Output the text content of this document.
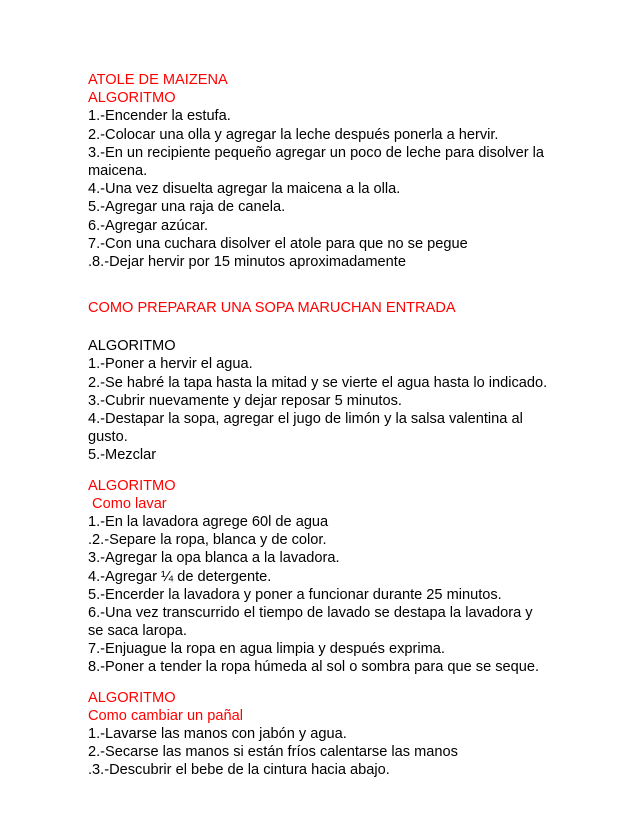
ATOLE DE MAIZENA
ALGORITMO
1.-Encender la estufa.
2.-Colocar una olla y agregar la leche después ponerla a hervir.
3.-En un recipiente pequeño agregar un poco de leche para disolver la
maicena.
4.-Una vez disuelta agregar la maicena a la olla.
5.-Agregar una raja de canela.
6.-Agregar azúcar.
7.-Con una cuchara disolver el atole para que no se pegue
.8.-Dejar hervir por 15 minutos aproximadamente
COMO PREPARAR UNA SOPA MARUCHAN ENTRADA
ALGORITMO
1.-Poner a hervir el agua.
2.-Se habré la tapa hasta la mitad y se vierte el agua hasta lo indicado.
3.-Cubrir nuevamente y dejar reposar 5 minutos.
4.-Destapar la sopa, agregar el jugo de limón y la salsa valentina al
gusto.
5.-Mezclar
ALGORITMO
Como lavar
1.-En la lavadora agrege 60l de agua
.2.-Separe la ropa, blanca y de color.
3.-Agregar la opa blanca a la lavadora.
4.-Agregar ¼ de detergente.
5.-Encerder la lavadora y poner a funcionar durante 25 minutos.
6.-Una vez transcurrido el tiempo de lavado se destapa la lavadora y
se saca laropa.
7.-Enjuague la ropa en agua limpia y después exprima.
8.-Poner a tender la ropa húmeda al sol o sombra para que se seque.
ALGORITMO
Como cambiar un pañal
1.-Lavarse las manos con jabón y agua.
2.-Secarse las manos si están fríos calentarse las manos
.3.-Descubrir el bebe de la cintura hacia abajo.
